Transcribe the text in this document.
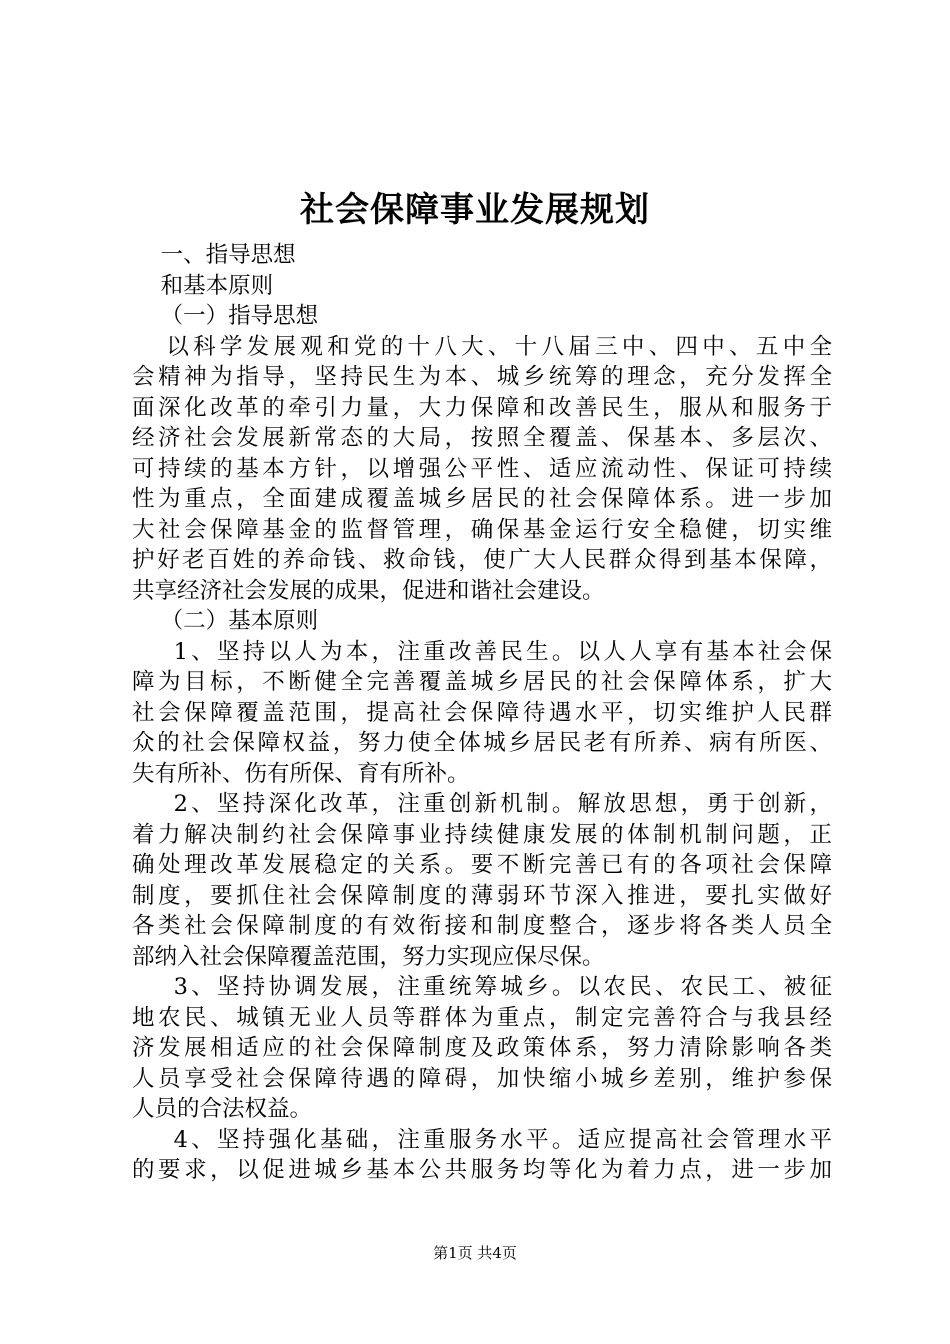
社会保障事业发展规划
一、指导思想
和基本原则
（一）指导思想
以科学发展观和党的十八大、十八届三中、四中、五中全
会精神为指导，坚持民生为本、城乡统筹的理念，充分发挥全
面深化改革的牵引力量，大力保障和改善民生，服从和服务于
经济社会发展新常态的大局，按照全覆盖、保基本、多层次、
可持续的基本方针，以增强公平性、适应流动性、保证可持续
性为重点，全面建成覆盖城乡居民的社会保障体系。进一步加
大社会保障基金的监督管理，确保基金运行安全稳健，切实维
护好老百姓的养命钱、救命钱，使广大人民群众得到基本保障，
共享经济社会发展的成果，促进和谐社会建设。
（二）基本原则
1、坚持以人为本，注重改善民生。以人人享有基本社会保
障为目标，不断健全完善覆盖城乡居民的社会保障体系，扩大
社会保障覆盖范围，提高社会保障待遇水平，切实维护人民群
众的社会保障权益，努力使全体城乡居民老有所养、病有所医、
失有所补、伤有所保、育有所补。
2、坚持深化改革，注重创新机制。解放思想，勇于创新，
着力解决制约社会保障事业持续健康发展的体制机制问题，正
确处理改革发展稳定的关系。要不断完善已有的各项社会保障
制度，要抓住社会保障制度的薄弱环节深入推进，要扎实做好
各类社会保障制度的有效衔接和制度整合，逐步将各类人员全
部纳入社会保障覆盖范围，努力实现应保尽保。
3、坚持协调发展，注重统筹城乡。以农民、农民工、被征
地农民、城镇无业人员等群体为重点，制定完善符合与我县经
济发展相适应的社会保障制度及政策体系，努力清除影响各类
人员享受社会保障待遇的障碍，加快缩小城乡差别，维护参保
人员的合法权益。
4、坚持强化基础，注重服务水平。适应提高社会管理水平
的要求，以促进城乡基本公共服务均等化为着力点，进一步加
第1页 共4页
